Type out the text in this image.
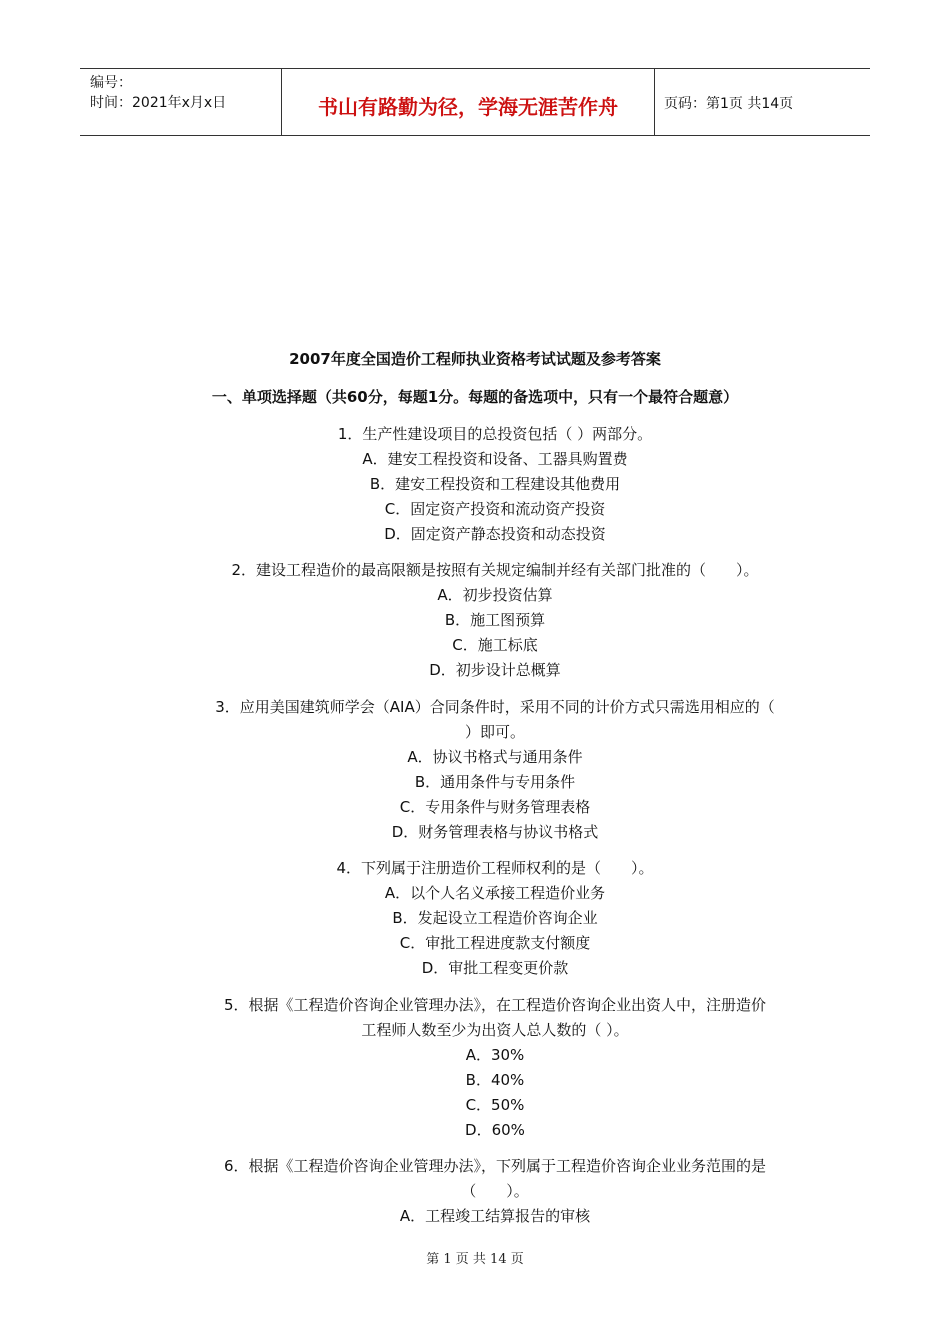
编号：
时间：2021年x月x日	书山有路勤为径，学海无涯苦作舟	页码：第1页 共14页
2007年度全国造价工程师执业资格考试试题及参考答案
一、单项选择题（共60分，每题1分。每题的备选项中，只有一个最符合题意）
1．生产性建设项目的总投资包括（ ）两部分。
A．建安工程投资和设备、工器具购置费
B．建安工程投资和工程建设其他费用
C．固定资产投资和流动资产投资
D．固定资产静态投资和动态投资
2．建设工程造价的最高限额是按照有关规定编制并经有关部门批准的（　　）。
A．初步投资估算
B．施工图预算
C．施工标底
D．初步设计总概算
3．应用美国建筑师学会（AIA）合同条件时，采用不同的计价方式只需选用相应的（
）即可。
A．协议书格式与通用条件
B．通用条件与专用条件
C．专用条件与财务管理表格
D．财务管理表格与协议书格式
4．下列属于注册造价工程师权利的是（　　）。
A．以个人名义承接工程造价业务
B．发起设立工程造价咨询企业
C．审批工程进度款支付额度
D．审批工程变更价款
5．根据《工程造价咨询企业管理办法》，在工程造价咨询企业出资人中，注册造价
工程师人数至少为出资人总人数的（ ）。
A．30%
B．40%
C．50%
D．60%
6．根据《工程造价咨询企业管理办法》，下列属于工程造价咨询企业业务范围的是
（　　）。
A．工程竣工结算报告的审核
第 1 页 共 14 页
